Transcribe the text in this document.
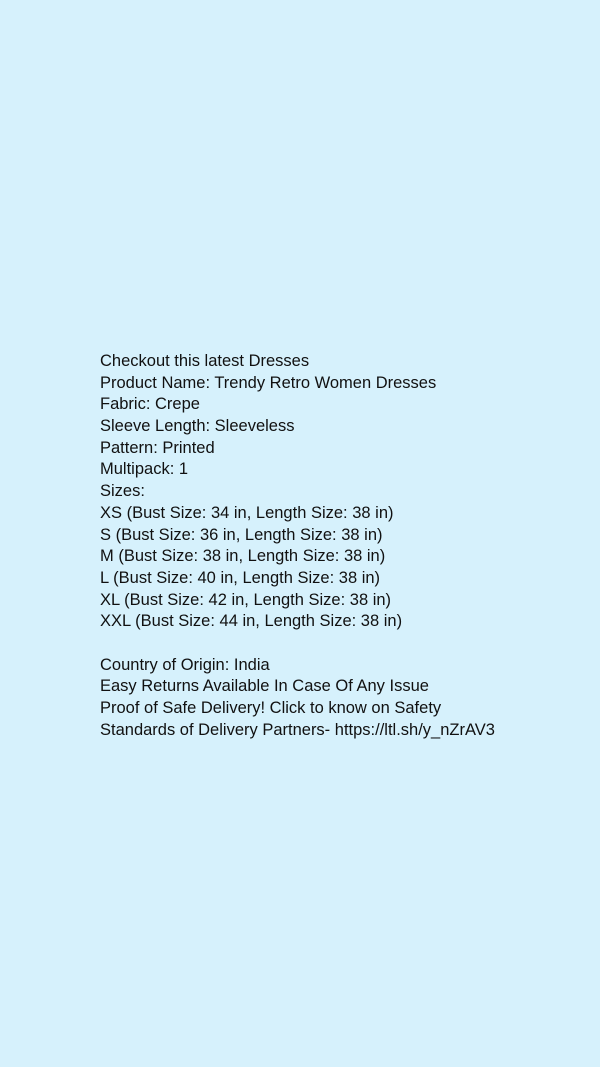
Checkout this latest Dresses
Product Name: Trendy Retro Women Dresses
Fabric: Crepe
Sleeve Length: Sleeveless
Pattern: Printed
Multipack: 1
Sizes:
XS (Bust Size: 34 in, Length Size: 38 in)
S (Bust Size: 36 in, Length Size: 38 in)
M (Bust Size: 38 in, Length Size: 38 in)
L (Bust Size: 40 in, Length Size: 38 in)
XL (Bust Size: 42 in, Length Size: 38 in)
XXL (Bust Size: 44 in, Length Size: 38 in)
Country of Origin: India
Easy Returns Available In Case Of Any Issue
Proof of Safe Delivery! Click to know on Safety
Standards of Delivery Partners- https://ltl.sh/y_nZrAV3
